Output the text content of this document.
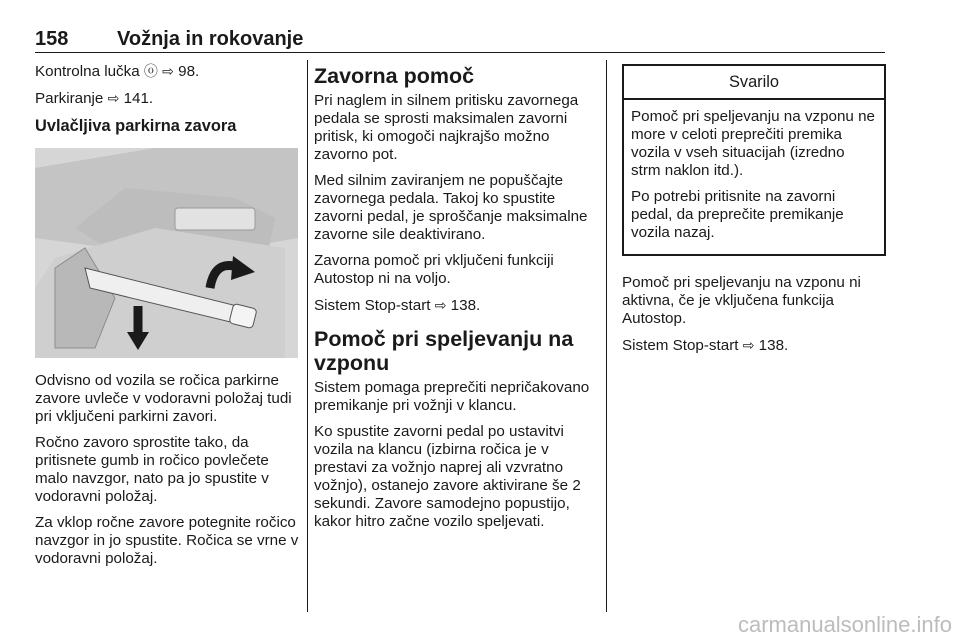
158 Vožnja in rokovanje

Kontrolna lučka ⓞ ⇨ 98.

Parkiranje ⇨ 141.

Uvlačljiva parkirna zavora

Odvisno od vozila se ročica parkirne zavore uvleče v vodoravni položaj tudi pri vključeni parkirni zavori.

Ročno zavoro sprostite tako, da pritisnete gumb in ročico povlečete malo navzgor, nato pa jo spustite v vodoravni položaj.

Za vklop ročne zavore potegnite ročico navzgor in jo spustite. Ročica se vrne v vodoravni položaj.

Zavorna pomoč

Pri naglem in silnem pritisku zavornega pedala se sprosti maksimalen zavorni pritisk, ki omogoči najkrajšo možno zavorno pot.

Med silnim zaviranjem ne popuščajte zavornega pedala. Takoj ko spustite zavorni pedal, je sproščanje maksimalne zavorne sile deaktivirano.

Zavorna pomoč pri vključeni funkciji Autostop ni na voljo.

Sistem Stop-start ⇨ 138.

Pomoč pri speljevanju na vzponu

Sistem pomaga preprečiti nepričakovano premikanje pri vožnji v klancu.

Ko spustite zavorni pedal po ustavitvi vozila na klancu (izbirna ročica je v prestavi za vožnjo naprej ali vzvratno vožnjo), ostanejo zavore aktivirane še 2 sekundi. Zavore samodejno popustijo, kakor hitro začne vozilo speljevati.

Svarilo

Pomoč pri speljevanju na vzponu ne more v celoti preprečiti premika vozila v vseh situacijah (izredno strm naklon itd.).

Po potrebi pritisnite na zavorni pedal, da preprečite premikanje vozila nazaj.

Pomoč pri speljevanju na vzponu ni aktivna, če je vključena funkcija Autostop.

Sistem Stop-start ⇨ 138.

carmanualsonline.info
